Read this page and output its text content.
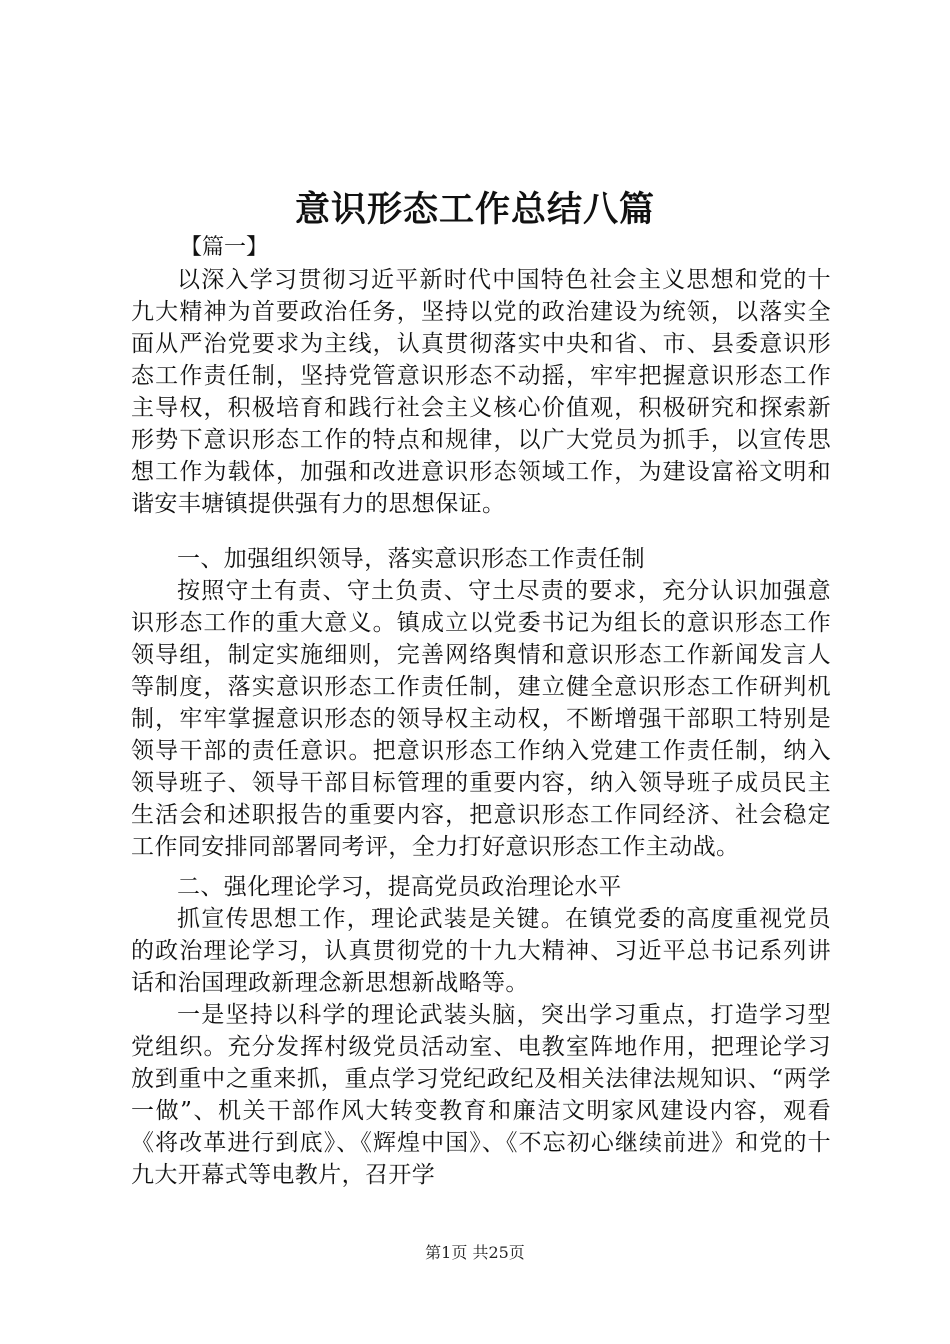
意识形态工作总结八篇

【篇一】

以深入学习贯彻习近平新时代中国特色社会主义思想和党的十九大精神为首要政治任务，坚持以党的政治建设为统领，以落实全面从严治党要求为主线，认真贯彻落实中央和省、市、县委意识形态工作责任制，坚持党管意识形态不动摇，牢牢把握意识形态工作主导权，积极培育和践行社会主义核心价值观，积极研究和探索新形势下意识形态工作的特点和规律，以广大党员为抓手，以宣传思想工作为载体，加强和改进意识形态领域工作，为建设富裕文明和谐安丰塘镇提供强有力的思想保证。

一、加强组织领导，落实意识形态工作责任制

按照守土有责、守土负责、守土尽责的要求，充分认识加强意识形态工作的重大意义。镇成立以党委书记为组长的意识形态工作领导组，制定实施细则，完善网络舆情和意识形态工作新闻发言人等制度，落实意识形态工作责任制，建立健全意识形态工作研判机制，牢牢掌握意识形态的领导权主动权，不断增强干部职工特别是领导干部的责任意识。把意识形态工作纳入党建工作责任制，纳入领导班子、领导干部目标管理的重要内容，纳入领导班子成员民主生活会和述职报告的重要内容，把意识形态工作同经济、社会稳定工作同安排同部署同考评，全力打好意识形态工作主动战。

二、强化理论学习，提高党员政治理论水平

抓宣传思想工作，理论武装是关键。在镇党委的高度重视党员的政治理论学习，认真贯彻党的十九大精神、习近平总书记系列讲话和治国理政新理念新思想新战略等。

一是坚持以科学的理论武装头脑，突出学习重点，打造学习型党组织。充分发挥村级党员活动室、电教室阵地作用，把理论学习放到重中之重来抓，重点学习党纪政纪及相关法律法规知识、“两学一做”、机关干部作风大转变教育和廉洁文明家风建设内容，观看《将改革进行到底》、《辉煌中国》、《不忘初心继续前进》和党的十九大开幕式等电教片，召开学

第1页 共25页
